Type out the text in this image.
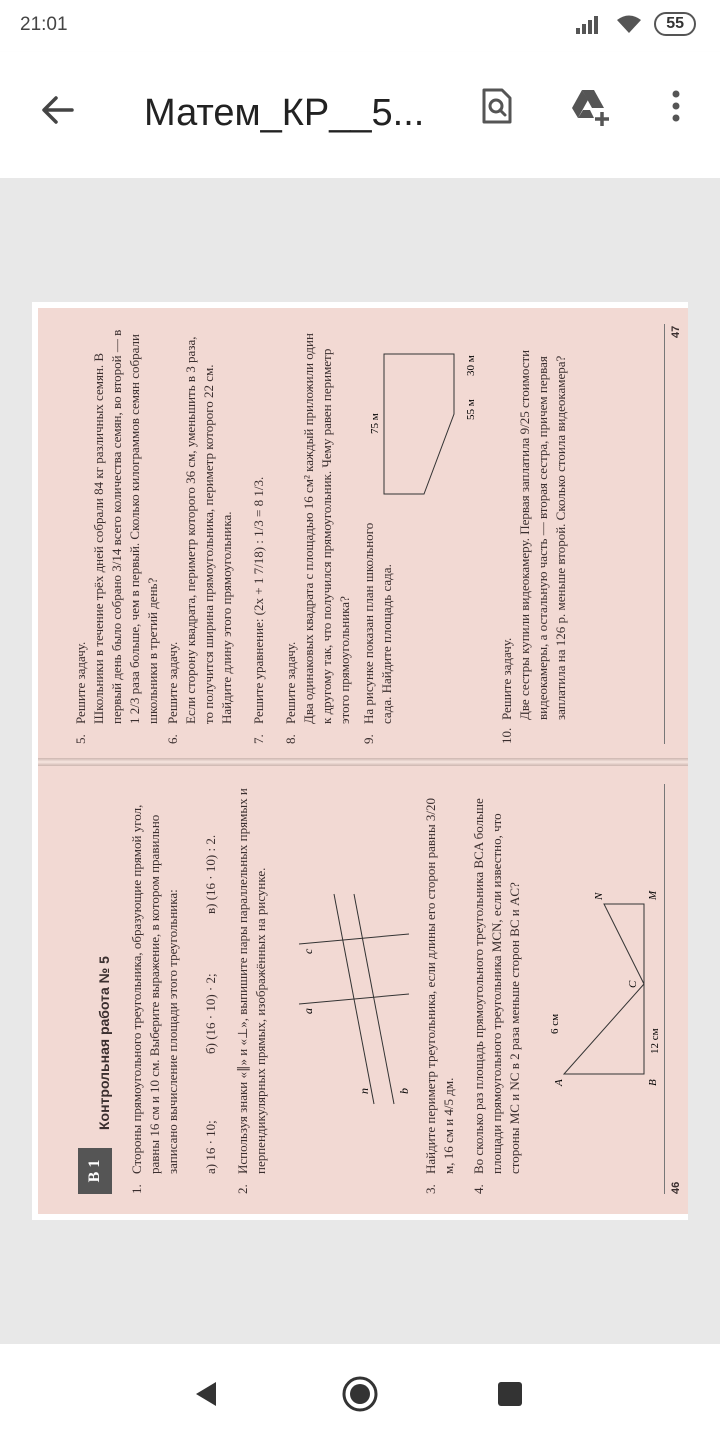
21:01	55
Матем_КР__5...
В 1
Контрольная работа № 5
1.
Стороны прямоугольного треугольника, образующие прямой угол, равны 16 см и 10 см. Выберите выражение, в котором правильно записано вычисление площади этого треугольника: а) 16 · 10;
б) (16 · 10) · 2;
в) (16 · 10) : 2.
2.
Используя знаки «∥» и «⊥», выпишите пары параллельных прямых и перпендикулярных прямых, изображённых на рисунке.	n
a
c
b
3.
Найдите периметр треугольника, если длины его сторон равны 3/20 м, 16 см и 4/5 дм.
4.
Во сколько раз площадь прямоугольного треугольника BCA больше площади прямоугольного треугольника MCN, если известно, что стороны MC и NC в 2 раза меньше сторон BC и AC?	A	B
C
M
N
6 см
12 см
46
5.
Решите задачу. Школьники в течение трёх дней собрали 84 кг различных семян. В первый день было собрано 3/14 всего количества семян, во второй — в 1 2/3 раза больше, чем в первый. Сколько килограммов семян собрали школьники в третий день?
6.
Решите задачу. Если сторону квадрата, периметр которого 36 см, уменьшить в 3 раза, то получится ширина прямоугольника, периметр которого 22 см. Найдите длину этого прямоугольника.
7.
Решите уравнение: (2x + 1 7/18) : 1/3 = 8 1/3.
8.
Решите задачу. Два одинаковых квадрата с площадью 16 см² каждый приложили один к другому так, что получился прямоугольник. Чему равен периметр этого прямоугольника?
9.
На рисунке показан план школьного сада. Найдите площадь сада.
75 м
30 м
55 м
10.
Решите задачу. Две сестры купили видеокамеру. Первая заплатила 9/25 стоимости видеокамеры, а остальную часть — вторая сестра, причем первая заплатила на 126 р. меньше второй. Сколько стоила видеокамера?
47
